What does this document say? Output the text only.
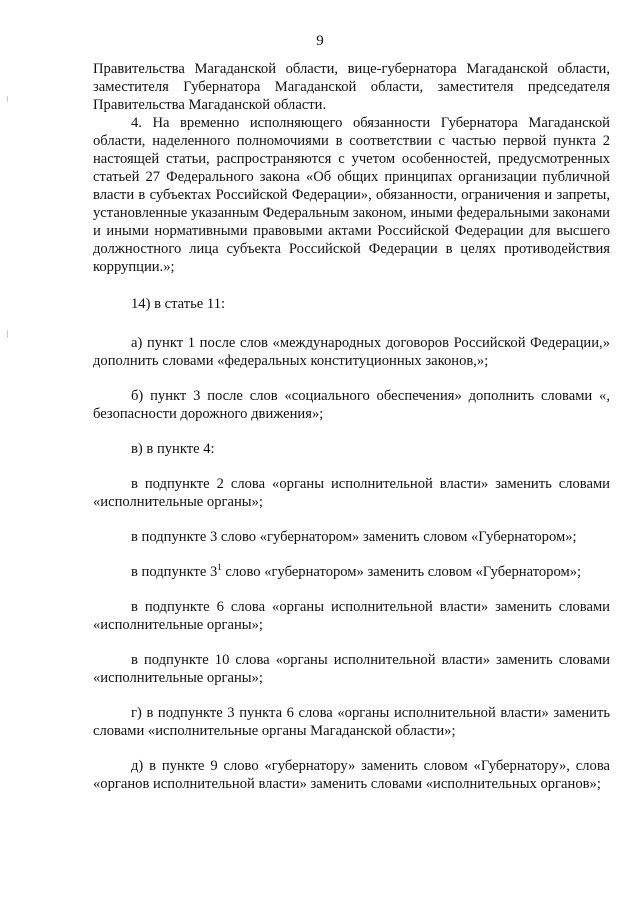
9

Правительства Магаданской области, вице-губернатора Магаданской области, заместителя Губернатора Магаданской области, заместителя председателя Правительства Магаданской области.

4. На временно исполняющего обязанности Губернатора Магаданской области, наделенного полномочиями в соответствии с частью первой пункта 2 настоящей статьи, распространяются с учетом особенностей, предусмотренных статьей 27 Федерального закона «Об общих принципах организации публичной власти в субъектах Российской Федерации», обязанности, ограничения и запреты, установленные указанным Федеральным законом, иными федеральными законами и иными нормативными правовыми актами Российской Федерации для высшего должностного лица субъекта Российской Федерации в целях противодействия коррупции.»;

14) в статье 11:

а) пункт 1 после слов «международных договоров Российской Федерации,» дополнить словами «федеральных конституционных законов,»;

б) пункт 3 после слов «социального обеспечения» дополнить словами «, безопасности дорожного движения»;

в) в пункте 4:

в подпункте 2 слова «органы исполнительной власти» заменить словами «исполнительные органы»;

в подпункте 3 слово «губернатором» заменить словом «Губернатором»;

в подпункте $3^1$ слово «губернатором» заменить словом «Губернатором»;

в подпункте 6 слова «органы исполнительной власти» заменить словами «исполнительные органы»;

в подпункте 10 слова «органы исполнительной власти» заменить словами «исполнительные органы»;

г) в подпункте 3 пункта 6 слова «органы исполнительной власти» заменить словами «исполнительные органы Магаданской области»;

д) в пункте 9 слово «губернатору» заменить словом «Губернатору», слова «органов исполнительной власти» заменить словами «исполнительных органов»;
